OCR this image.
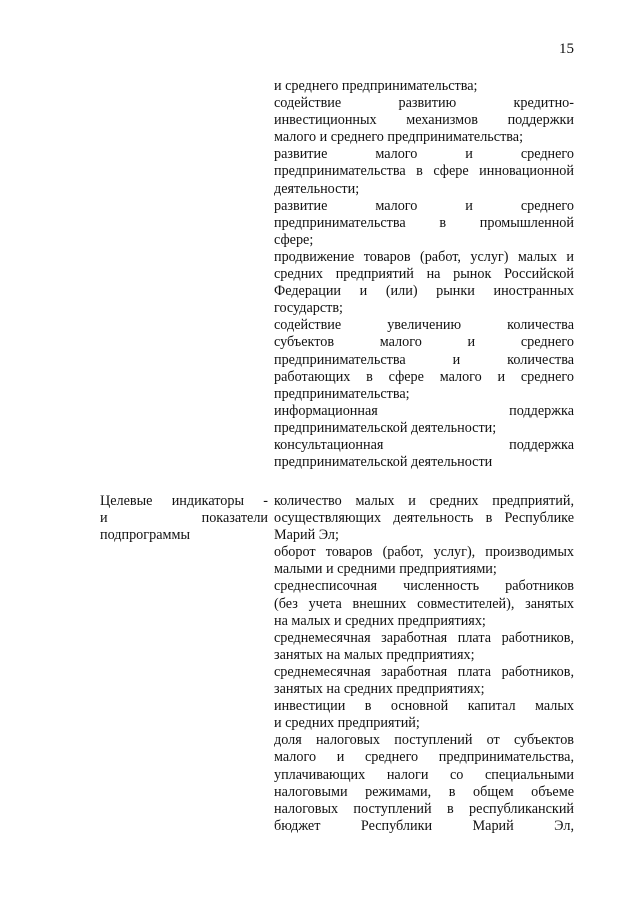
15
и среднего предпринимательства;
содействие развитию кредитно-
инвестиционных механизмов поддержки
малого и среднего предпринимательства;
развитие малого и среднего
предпринимательства в сфере инновационной
деятельности;
развитие малого и среднего
предпринимательства в промышленной
сфере;
продвижение товаров (работ, услуг) малых и
средних предприятий на рынок Российской
Федерации и (или) рынки иностранных
государств;
содействие увеличению количества
субъектов малого и среднего
предпринимательства и количества
работающих в сфере малого и среднего
предпринимательства;
информационная поддержка
предпринимательской деятельности;
консультационная поддержка
предпринимательской деятельности
Целевые индикаторы -
и показатели
подпрограммы
количество малых и средних предприятий,
осуществляющих деятельность в Республике
Марий Эл;
оборот товаров (работ, услуг), производимых
малыми и средними предприятиями;
среднесписочная численность работников
(без учета внешних совместителей), занятых
на малых и средних предприятиях;
среднемесячная заработная плата работников,
занятых на малых предприятиях;
среднемесячная заработная плата работников,
занятых на средних предприятиях;
инвестиции в основной капитал малых
и средних предприятий;
доля налоговых поступлений от субъектов
малого и среднего предпринимательства,
уплачивающих налоги со специальными
налоговыми режимами, в общем объеме
налоговых поступлений в республиканский
бюджет Республики Марий Эл,
